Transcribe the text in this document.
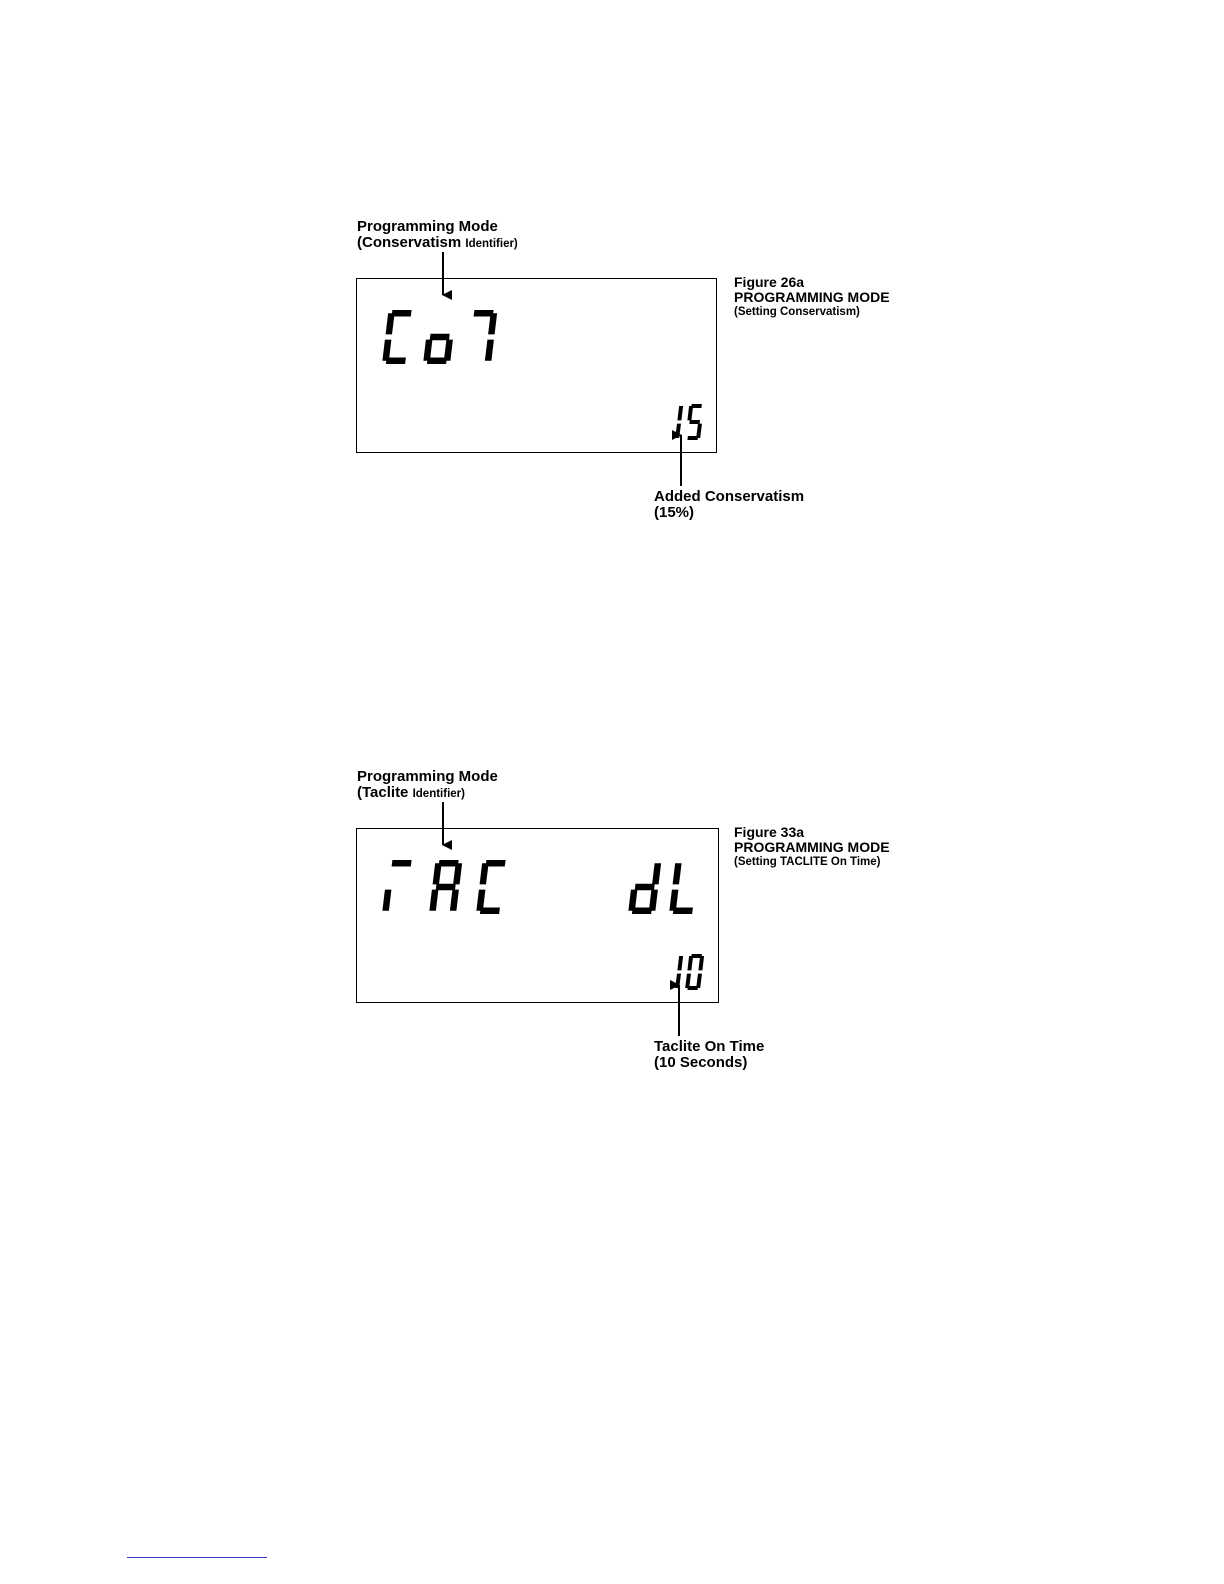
Programming Mode
(Conservatism Identifier)
Figure 26a
PROGRAMMING MODE
(Setting Conservatism)
Added Conservatism
(15%)
Programming Mode
(Taclite Identifier)
Figure 33a
PROGRAMMING MODE
(Setting TACLITE On Time)
Taclite On Time
(10 Seconds)
